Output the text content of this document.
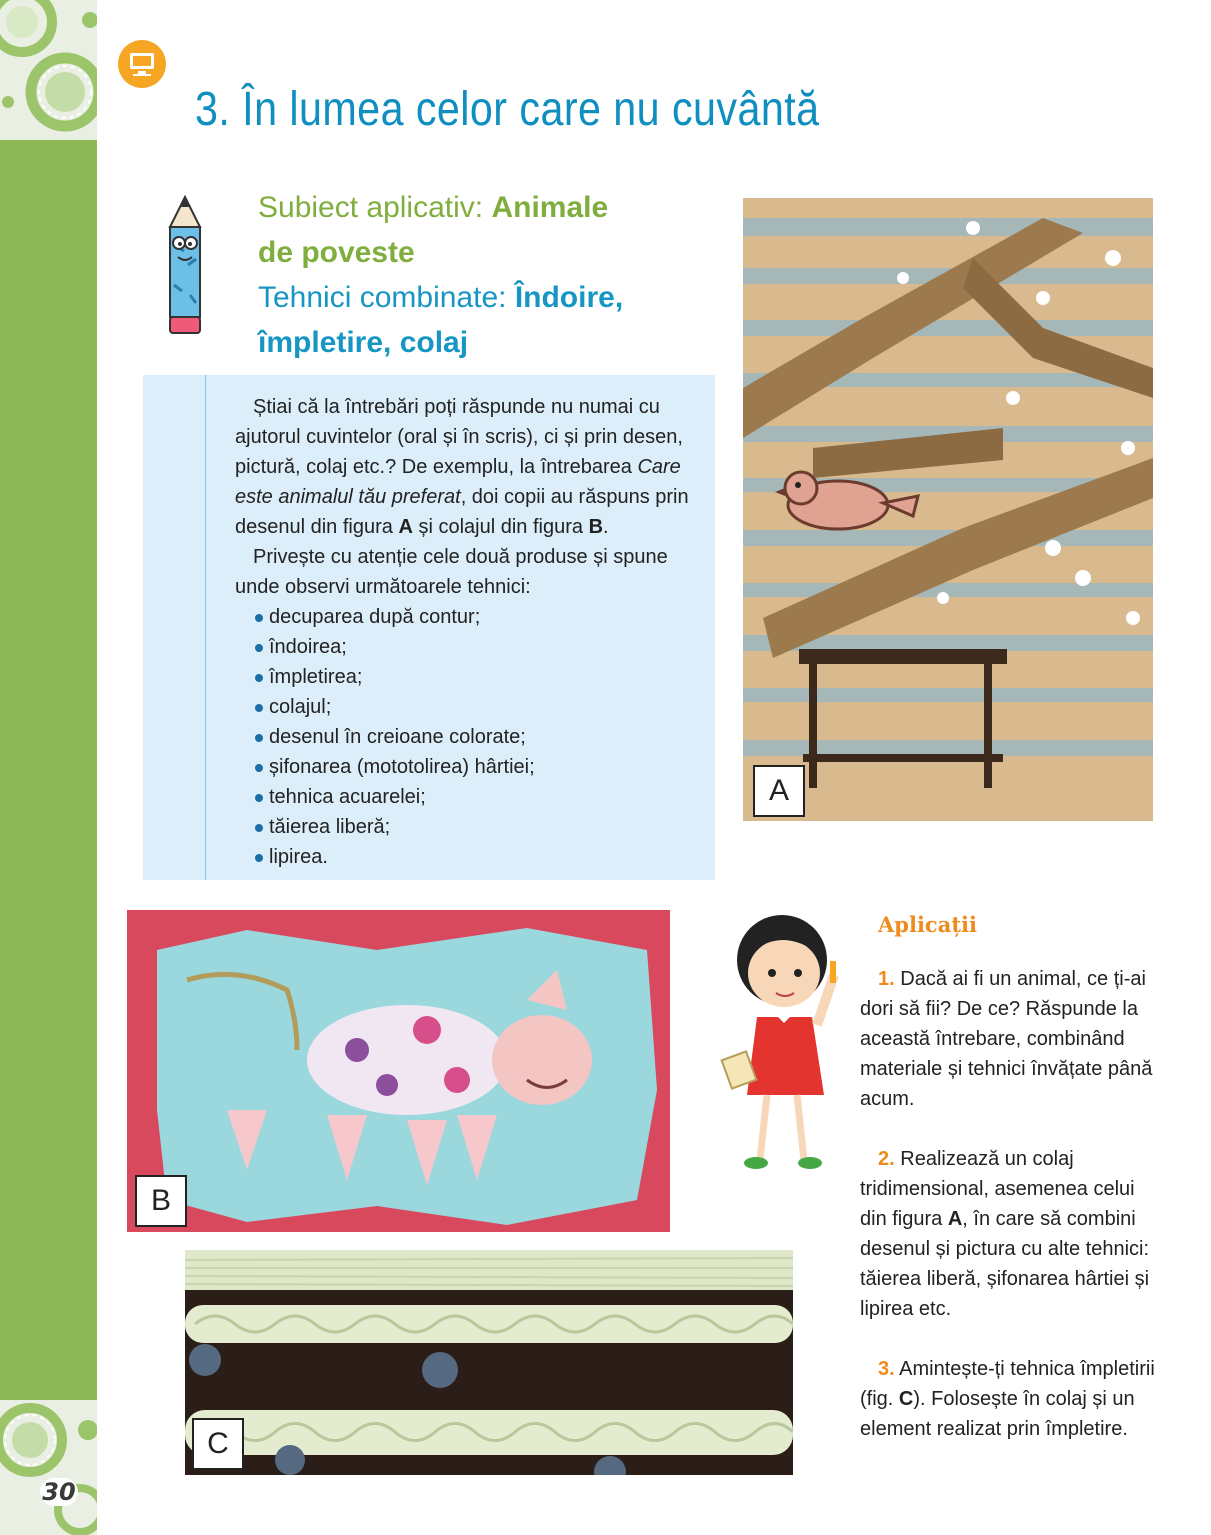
30
3. În lumea celor care nu cuvântă
Subiect aplicativ: Animale
de poveste
Tehnici combinate: Îndoire,
împletire, colaj

Știai că la întrebări poți răspunde nu numai cu ajutorul cuvintelor (oral și în scris), ci și prin desen, pictură, colaj etc.? De exemplu, la întrebarea Care este animalul tău preferat, doi copii au răspuns prin desenul din figura A și colajul din figura B.

Privește cu atenție cele două produse și spune unde observi următoarele tehnici:

decuparea după contur;
îndoirea;
împletirea;
colajul;
desenul în creioane colorate;
șifonarea (mototolirea) hârtiei;
tehnica acuarelei;
tăierea liberă;
lipirea.
A
B
C
Aplicații

1. Dacă ai fi un animal, ce ți-ai dori să fii? De ce? Răspunde la această întrebare, combinând materiale și tehnici învățate până acum.

2. Realizează un colaj tridimensional, asemenea celui din figura A, în care să combini desenul și pictura cu alte tehnici: tăierea liberă, șifonarea hârtiei și lipirea etc.

3. Amintește-ți tehnica împletirii (fig. C). Folosește în colaj și un element realizat prin împletire.
